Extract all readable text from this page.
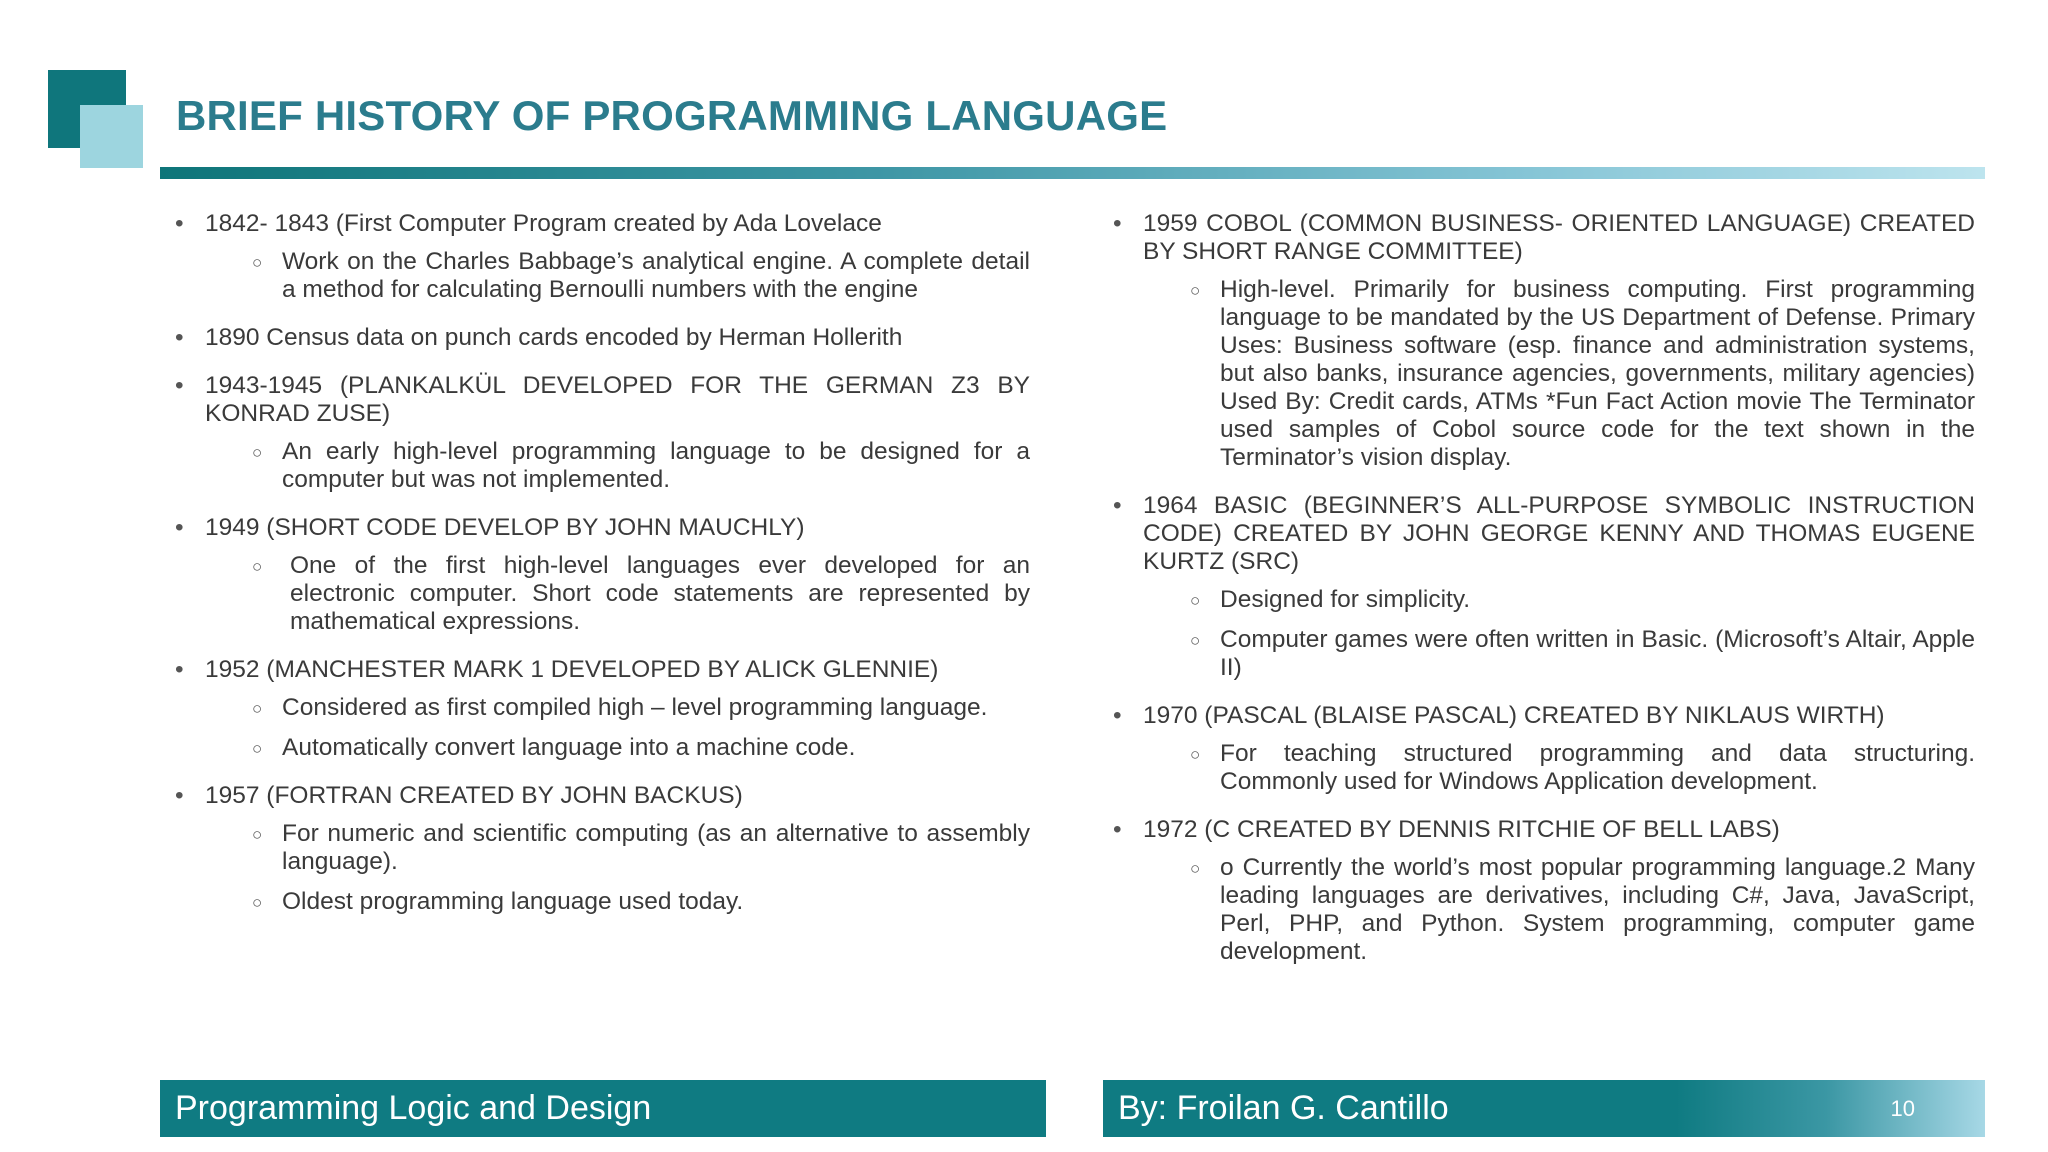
BRIEF HISTORY OF PROGRAMMING LANGUAGE
• 1842- 1843 (First Computer Program created by Ada Lovelace
○ Work on the Charles Babbage’s analytical engine. A complete detail a method for calculating Bernoulli numbers with the engine
• 1890 Census data on punch cards encoded by Herman Hollerith
• 1943-1945 (PLANKALKÜL DEVELOPED FOR THE GERMAN Z3 BY KONRAD ZUSE)
○ An early high-level programming language to be designed for a computer but was not implemented.
• 1949 (SHORT CODE DEVELOP BY JOHN MAUCHLY)
○ One of the first high-level languages ever developed for an electronic computer. Short code statements are represented by mathematical expressions.
• 1952 (MANCHESTER MARK 1 DEVELOPED BY ALICK GLENNIE)
○ Considered as first compiled high – level programming language.
○ Automatically convert language into a machine code.
• 1957 (FORTRAN CREATED BY JOHN BACKUS)
○ For numeric and scientific computing (as an alternative to assembly language).
○ Oldest programming language used today.
• 1959 COBOL (COMMON BUSINESS- ORIENTED LANGUAGE) CREATED BY SHORT RANGE COMMITTEE)
○ High-level. Primarily for business computing. First programming language to be mandated by the US Department of Defense. Primary Uses: Business software (esp. finance and administration systems, but also banks, insurance agencies, governments, military agencies) Used By: Credit cards, ATMs *Fun Fact Action movie The Terminator used samples of Cobol source code for the text shown in the Terminator’s vision display.
• 1964 BASIC (BEGINNER’S ALL-PURPOSE SYMBOLIC INSTRUCTION CODE) CREATED BY JOHN GEORGE KENNY AND THOMAS EUGENE KURTZ (SRC)
○ Designed for simplicity.
○ Computer games were often written in Basic. (Microsoft’s Altair, Apple II)
• 1970 (PASCAL (BLAISE PASCAL) CREATED BY NIKLAUS WIRTH)
○ For teaching structured programming and data structuring. Commonly used for Windows Application development.
• 1972 (C CREATED BY DENNIS RITCHIE OF BELL LABS)
○ o Currently the world’s most popular programming language.2 Many leading languages are derivatives, including C#, Java, JavaScript, Perl, PHP, and Python. System programming, computer game development.
Programming Logic and Design	By: Froilan G. Cantillo	10
